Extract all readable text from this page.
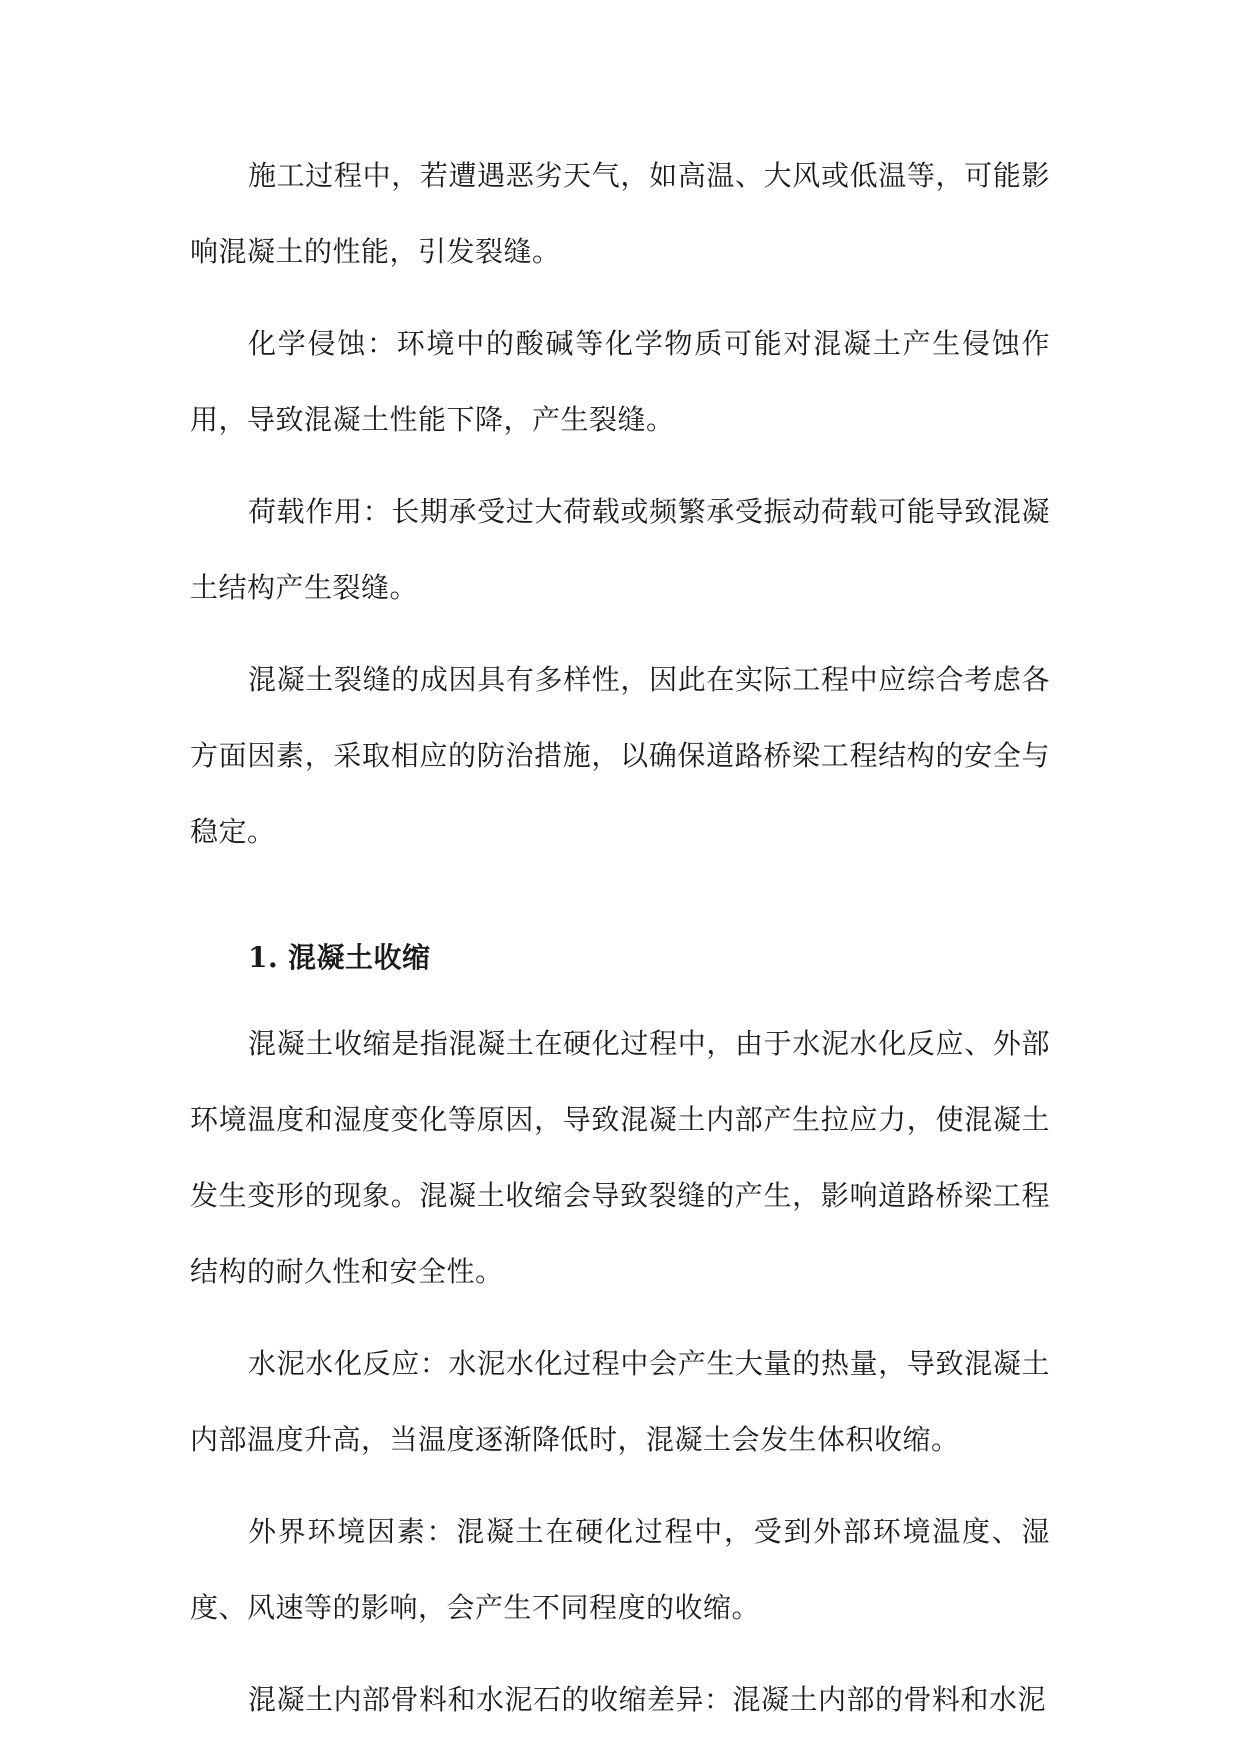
施工过程中，若遭遇恶劣天气，如高温、大风或低温等，可能影响混凝土的性能，引发裂缝。

化学侵蚀：环境中的酸碱等化学物质可能对混凝土产生侵蚀作用，导致混凝土性能下降，产生裂缝。

荷载作用：长期承受过大荷载或频繁承受振动荷载可能导致混凝土结构产生裂缝。

混凝土裂缝的成因具有多样性，因此在实际工程中应综合考虑各方面因素，采取相应的防治措施，以确保道路桥梁工程结构的安全与稳定。

1. 混凝土收缩

混凝土收缩是指混凝土在硬化过程中，由于水泥水化反应、外部环境温度和湿度变化等原因，导致混凝土内部产生拉应力，使混凝土发生变形的现象。混凝土收缩会导致裂缝的产生，影响道路桥梁工程结构的耐久性和安全性。

水泥水化反应：水泥水化过程中会产生大量的热量，导致混凝土内部温度升高，当温度逐渐降低时，混凝土会发生体积收缩。

外界环境因素：混凝土在硬化过程中，受到外部环境温度、湿度、风速等的影响，会产生不同程度的收缩。

混凝土内部骨料和水泥石的收缩差异：混凝土内部的骨料和水泥
